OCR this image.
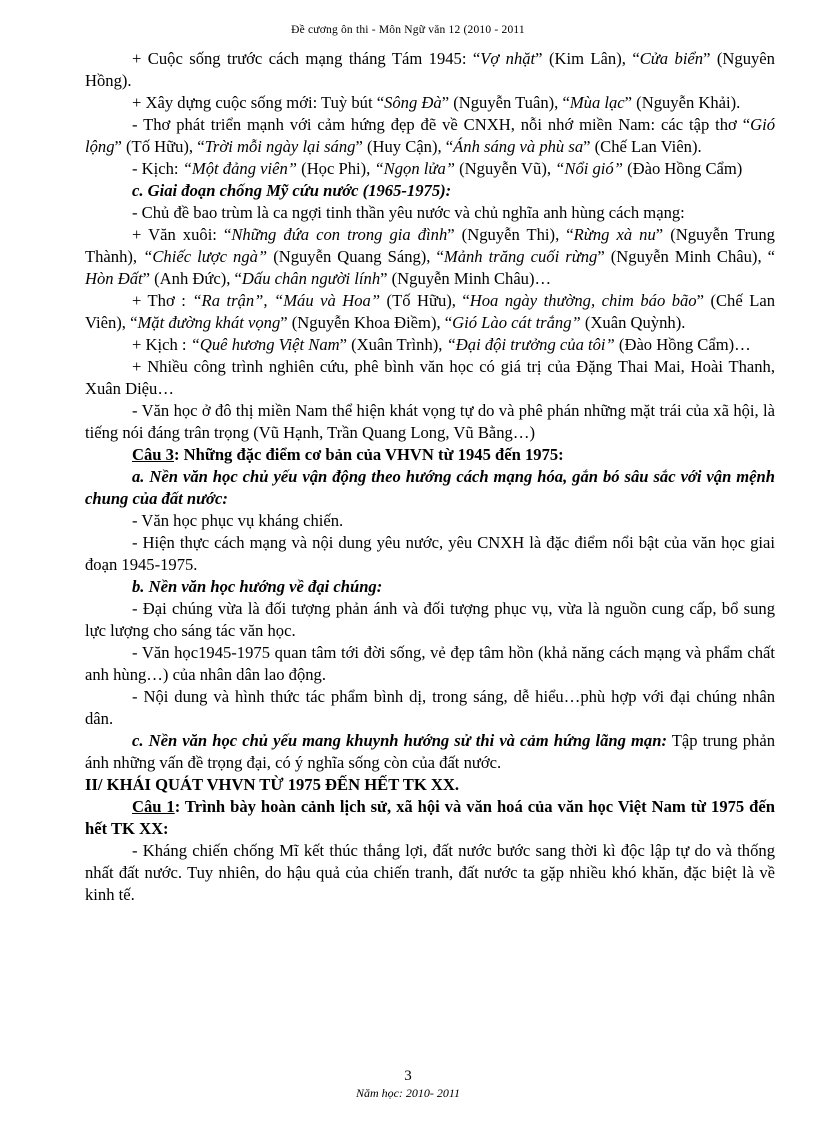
Đề cương ôn thi - Môn Ngữ văn 12 (2010 - 2011

+ Cuộc sống trước cách mạng tháng Tám 1945: “Vợ nhặt” (Kim Lân), “Cửa biển” (Nguyên Hồng).

+ Xây dựng cuộc sống mới: Tuỳ bút “Sông Đà” (Nguyễn Tuân), “Mùa lạc” (Nguyễn Khải).

- Thơ phát triển mạnh với cảm hứng đẹp đẽ về CNXH, nỗi nhớ miền Nam: các tập thơ “Gió lộng” (Tố Hữu), “Trời mỗi ngày lại sáng” (Huy Cận), “Ánh sáng và phù sa” (Chế Lan Viên).

- Kịch: “Một đảng viên” (Học Phi), “Ngọn lửa” (Nguyễn Vũ), “Nổi gió” (Đào Hồng Cẩm)

c. Giai đoạn chống Mỹ cứu nước (1965-1975):

- Chủ đề bao trùm là ca ngợi tinh thần yêu nước và chủ nghĩa anh hùng cách mạng:

+ Văn xuôi: “Những đứa con trong gia đình” (Nguyễn Thi), “Rừng xà nu” (Nguyễn Trung Thành), “Chiếc lược ngà” (Nguyễn Quang Sáng), “Mảnh trăng cuối rừng” (Nguyễn Minh Châu), “ Hòn Đất” (Anh Đức), “Dấu chân người lính” (Nguyễn Minh Châu)…

+ Thơ : “Ra trận”, “Máu và Hoa” (Tố Hữu), “Hoa ngày thường, chim báo bão” (Chế Lan Viên), “Mặt đường khát vọng” (Nguyễn Khoa Điềm), “Gió Lào cát trắng” (Xuân Quỳnh).

+ Kịch : “Quê hương Việt Nam” (Xuân Trình), “Đại đội trưởng của tôi” (Đào Hồng Cẩm)…

+ Nhiều công trình nghiên cứu, phê bình văn học có giá trị của Đặng Thai Mai, Hoài Thanh, Xuân Diệu…

- Văn học ở đô thị miền Nam thể hiện khát vọng tự do và phê phán những mặt trái của xã hội, là tiếng nói đáng trân trọng (Vũ Hạnh, Trần Quang Long, Vũ Bằng…)

Câu 3: Những đặc điểm cơ bản của VHVN từ 1945 đến 1975:

a. Nền văn học chủ yếu vận động theo hướng cách mạng hóa, gắn bó sâu sắc với vận mệnh chung của đất nước:

- Văn học phục vụ kháng chiến.

- Hiện thực cách mạng và nội dung yêu nước, yêu CNXH là đặc điểm nổi bật của văn học giai đoạn 1945-1975.

b. Nền văn học hướng về đại chúng:

- Đại chúng vừa là đối tượng phản ánh và đối tượng phục vụ, vừa là nguồn cung cấp, bổ sung lực lượng cho sáng tác văn học.

- Văn học1945-1975 quan tâm tới đời sống, vẻ đẹp tâm hồn (khả năng cách mạng và phẩm chất anh hùng…) của nhân dân lao động.

- Nội dung và hình thức tác phẩm bình dị, trong sáng, dễ hiểu…phù hợp với đại chúng nhân dân.

c. Nền văn học chủ yếu mang khuynh hướng sử thi và cảm hứng lãng mạn: Tập trung phản ánh những vấn đề trọng đại, có ý nghĩa sống còn của đất nước.

II/ KHÁI QUÁT VHVN TỪ 1975 ĐẾN HẾT TK XX.

Câu 1: Trình bày hoàn cảnh lịch sử, xã hội và văn hoá của văn học Việt Nam từ 1975 đến hết TK XX:

- Kháng chiến chống Mĩ kết thúc thắng lợi, đất nước bước sang thời kì độc lập tự do và thống nhất đất nước. Tuy nhiên, do hậu quả của chiến tranh, đất nước ta gặp nhiều khó khăn, đặc biệt là về kinh tế.

3
Năm học: 2010- 2011
